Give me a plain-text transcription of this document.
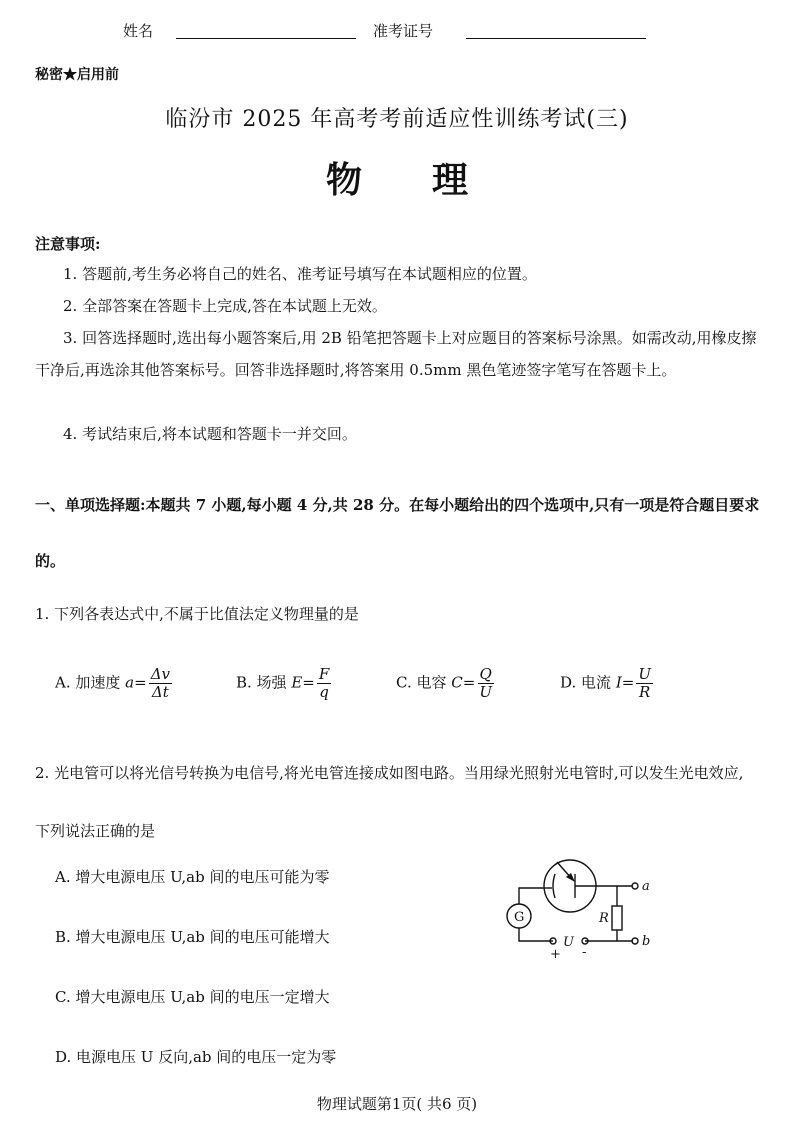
姓名	准考证号
秘密★启用前
临汾市 2025 年高考考前适应性训练考试(三)
物理
注意事项:
1. 答题前,考生务必将自己的姓名、准考证号填写在本试题相应的位置。
2. 全部答案在答题卡上完成,答在本试题上无效。
3. 回答选择题时,选出每小题答案后,用 2B 铅笔把答题卡上对应题目的答案标号涂黑。如需改动,用橡皮擦干净后,再选涂其他答案标号。回答非选择题时,将答案用 0.5mm 黑色笔迹签字笔写在答题卡上。
4. 考试结束后,将本试题和答题卡一并交回。
一、单项选择题:本题共 7 小题,每小题 4 分,共 28 分。在每小题给出的四个选项中,只有一项是符合题目要求的。
1. 下列各表达式中,不属于比值法定义物理量的是
A. 加速度 $a= \frac{\Delta v}{\Delta t}$	B. 场强 $E= \frac{F}{q}$	C. 电容 $C= \frac{Q}{U}$	D. 电流 $I= \frac{U}{R}$
2. 光电管可以将光信号转换为电信号,将光电管连接成如图电路。当用绿光照射光电管时,可以发生光电效应,下列说法正确的是
A. 增大电源电压 U,ab 间的电压可能为零
B. 增大电源电压 U,ab 间的电压可能增大
C. 增大电源电压 U,ab 间的电压一定增大
D. 电源电压 U 反向,ab 间的电压一定为零
G	R
U
a
b
+ -
物理试题第1页( 共6 页)
